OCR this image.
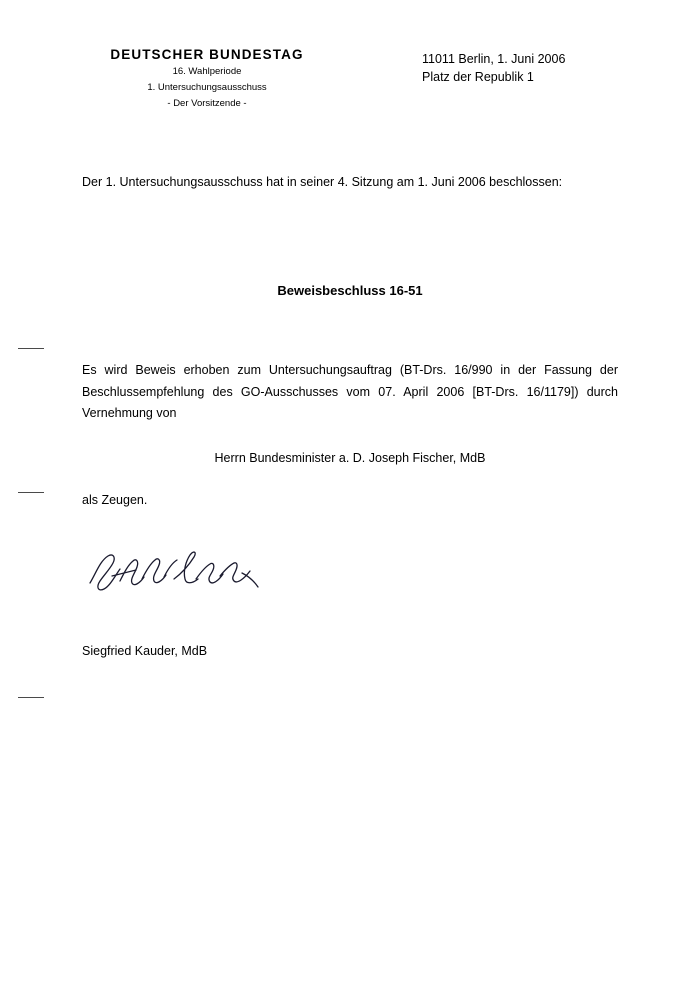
DEUTSCHER BUNDESTAG
16. Wahlperiode
1. Untersuchungsausschuss
- Der Vorsitzende -
11011 Berlin, 1. Juni 2006
Platz der Republik 1
Der 1. Untersuchungsausschuss hat in seiner 4. Sitzung am 1. Juni 2006 beschlossen:
Beweisbeschluss 16-51
Es wird Beweis erhoben zum Untersuchungsauftrag (BT-Drs. 16/990 in der Fassung der Beschlussempfehlung des GO-Ausschusses vom 07. April 2006 [BT-Drs. 16/1179]) durch Vernehmung von
Herrn Bundesminister a. D. Joseph Fischer, MdB
als Zeugen.
Siegfried Kauder, MdB
